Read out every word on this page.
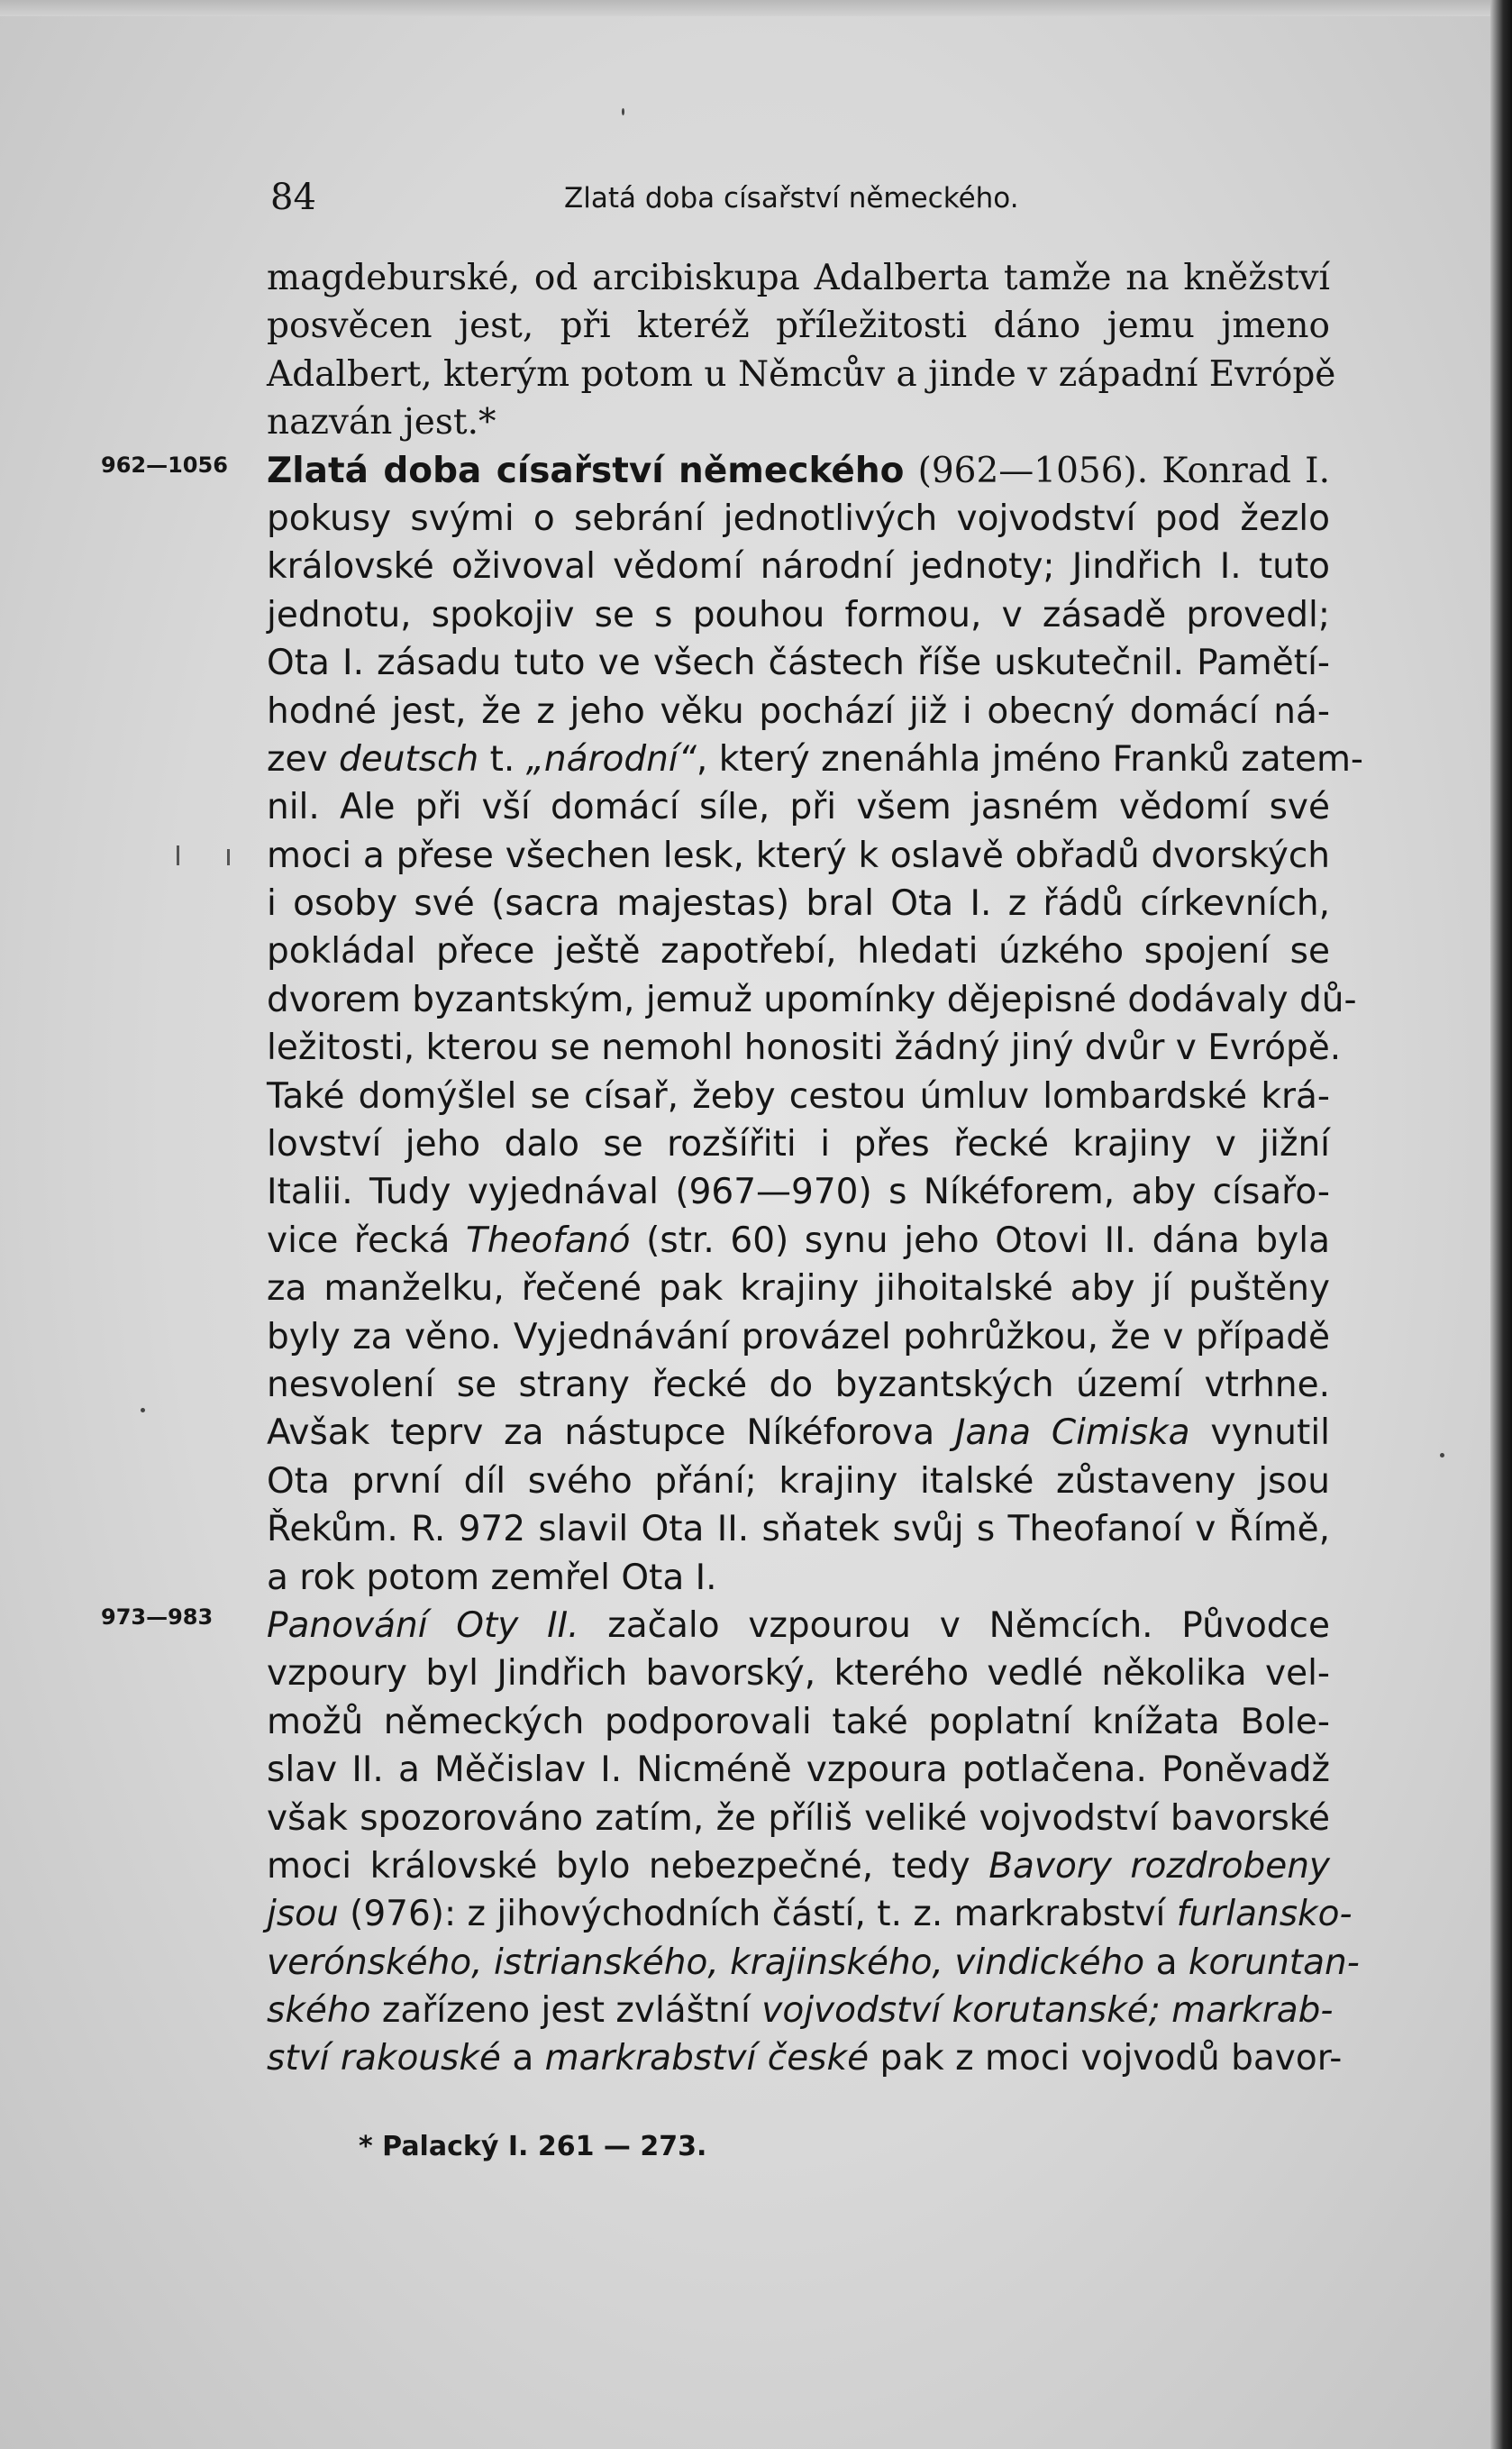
84	Zlatá doba císařství německého.
962—1056
973—983
magdeburské, od arcibiskupa Adalberta tamže na kněžství
posvěcen jest, při kteréž příležitosti dáno jemu jmeno
Adalbert, kterým potom u Němcův a jinde v západní Evrópě
nazván jest.*
Zlatá doba císařství německého (962—1056). Konrad I.
pokusy svými o sebrání jednotlivých vojvodství pod žezlo
královské oživoval vědomí národní jednoty; Jindřich I. tuto
jednotu, spokojiv se s pouhou formou, v zásadě provedl;
Ota I. zásadu tuto ve všech částech říše uskutečnil. Pamětí-
hodné jest, že z jeho věku pochází již i obecný domácí ná-
zev deutsch t. „národní“, který znenáhla jméno Franků zatem-
nil. Ale při vší domácí síle, při všem jasném vědomí své
moci a přese všechen lesk, který k oslavě obřadů dvorských
i osoby své (sacra majestas) bral Ota I. z řádů církevních,
pokládal přece ještě zapotřebí, hledati úzkého spojení se
dvorem byzantským, jemuž upomínky dějepisné dodávaly dů-
ležitosti, kterou se nemohl honositi žádný jiný dvůr v Evrópě.
Také domýšlel se císař, žeby cestou úmluv lombardské krá-
lovství jeho dalo se rozšířiti i přes řecké krajiny v jižní
Italii. Tudy vyjednával (967—970) s Níkéforem, aby císařo-
vice řecká Theofanó (str. 60) synu jeho Otovi II. dána byla
za manželku, řečené pak krajiny jihoitalské aby jí puštěny
byly za věno. Vyjednávání provázel pohrůžkou, že v případě
nesvolení se strany řecké do byzantských území vtrhne.
Avšak teprv za nástupce Níkéforova Jana Cimiska vynutil
Ota první díl svého přání; krajiny italské zůstaveny jsou
Řekům. R. 972 slavil Ota II. sňatek svůj s Theofanoí v Římě,
a rok potom zemřel Ota I.
Panování Oty II. začalo vzpourou v Němcích. Původce
vzpoury byl Jindřich bavorský, kterého vedlé několika vel-
možů německých podporovali také poplatní knížata Bole-
slav II. a Měčislav I. Nicméně vzpoura potlačena. Poněvadž
však spozorováno zatím, že příliš veliké vojvodství bavorské
moci královské bylo nebezpečné, tedy Bavory rozdrobeny
jsou (976): z jihovýchodních částí, t. z. markrabství furlansko-
verónského, istrianského, krajinského, vindického a koruntan-
ského zařízeno jest zvláštní vojvodství korutanské; markrab-
ství rakouské a markrabství české pak z moci vojvodů bavor-
* Palacký I. 261 — 273.
